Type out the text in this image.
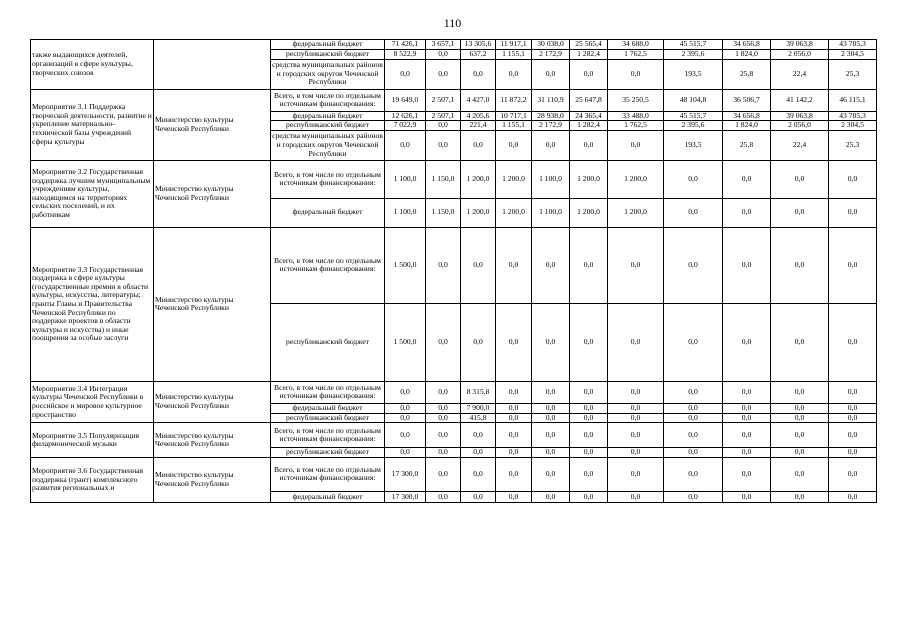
110
также выдающихся деятелей, организаций в сфере культуры, творческих союзов		федеральный бюджет	71 426,1	3 657,1	13 305,6	11 917,1	30 038,0	25 565,4	34 688,0	45 515,7	34 656,8	39 063,8	43 785,3
		республиканский бюджет	8 522,9	0,0	637,2	1 155,1	2 172,9	1 282,4	1 762,5	2 395,6	1 824,0	2 056,0	2 304,5
		средства муниципальных районов и городских округов Чеченской Республики	0,0	0,0	0,0	0,0	0,0	0,0	0,0	193,5	25,8	22,4	25,3
Мероприятие 3.1 Поддержка творческой деятельности, развитие и укрепление материально-технической базы учреждений сферы культуры	Министерство культуры Чеченской Республики	Всего, в том числе по отдельным источникам финансирования:	19 649,0	2 507,1	4 427,0	11 872,2	31 110,9	25 647,8	35 250,5	48 104,8	36 506,7	41 142,2	46 115,1
		федеральный бюджет	12 626,1	2 507,1	4 205,6	10 717,1	28 938,0	24 365,4	33 488,0	45 515,7	34 656,8	39 063,8	43 785,3
		республиканский бюджет	7 022,9	0,0	221,4	1 155,1	2 172,9	1 282,4	1 762,5	2 395,6	1 824,0	2 056,0	2 304,5
		средства муниципальных районов и городских округов Чеченской Республики	0,0	0,0	0,0	0,0	0,0	0,0	0,0	193,5	25,8	22,4	25,3
Мероприятие 3.2 Государственная поддержка лучшим муниципальным учреждениям культуры, находящимся на территориях сельских поселений, и их работникам	Министерство культуры Чеченской Республики	Всего, в том числе по отдельным источникам финансирования:	1 100,0	1 150,0	1 200,0	1 200,0	1 100,0	1 200,0	1 200,0	0,0	0,0	0,0	0,0
		федеральный бюджет	1 100,0	1 150,0	1 200,0	1 200,0	1 100,0	1 200,0	1 200,0	0,0	0,0	0,0	0,0
Мероприятие 3.3 Государственная поддержка в сфере культуры (государственные премии в области культуры, искусства, литературы; гранты Главы и Правительства Чеченской Республики по поддержке проектов в области культуры и искусства) и иные поощрения за особые заслуги	Министерство культуры Чеченской Республики	Всего, в том числе по отдельным источникам финансирования:	1 500,0	0,0	0,0	0,0	0,0	0,0	0,0	0,0	0,0	0,0	0,0
		республиканский бюджет	1 500,0	0,0	0,0	0,0	0,0	0,0	0,0	0,0	0,0	0,0	0,0
Мероприятие 3.4 Интеграция культуры Чеченской Республики в российское и мировое культурное пространство	Министерство культуры Чеченской Республики	Всего, в том числе по отдельным источникам финансирования:	0,0	0,0	8 315,8	0,0	0,0	0,0	0,0	0,0	0,0	0,0	0,0
		федеральный бюджет	0,0	0,0	7 900,0	0,0	0,0	0,0	0,0	0,0	0,0	0,0	0,0
		республиканский бюджет	0,0	0,0	415,8	0,0	0,0	0,0	0,0	0,0	0,0	0,0	0,0
Мероприятие 3.5 Популяризация филармонической музыки	Министерство культуры Чеченской Республики	Всего, в том числе по отдельным источникам финансирования:	0,0	0,0	0,0	0,0	0,0	0,0	0,0	0,0	0,0	0,0	0,0
		республиканский бюджет	0,0	0,0	0,0	0,0	0,0	0,0	0,0	0,0	0,0	0,0	0,0
Мероприятие 3.6 Государственная поддержка (грант) комплексного развития региональных и	Министерство культуры Чеченской Республики	Всего, в том числе по отдельным источникам финансирования:	17 300,0	0,0	0,0	0,0	0,0	0,0	0,0	0,0	0,0	0,0	0,0
		федеральный бюджет	17 300,0	0,0	0,0	0,0	0,0	0,0	0,0	0,0	0,0	0,0	0,0
